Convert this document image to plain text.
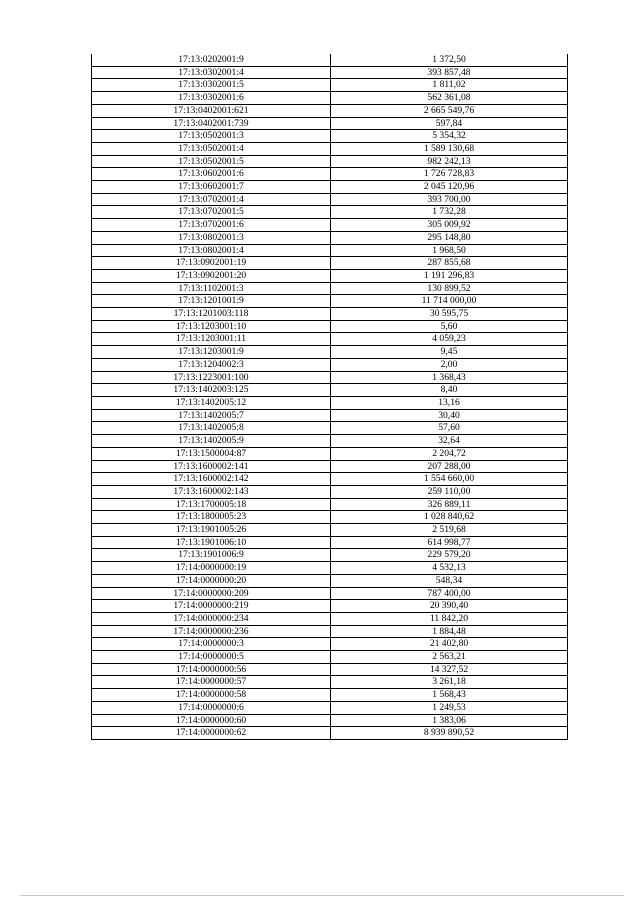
17:13:0202001:9	1 372,50
17:13:0302001:4	393 857,48
17:13:0302001:5	1 811,02
17:13:0302001:6	562 361,08
17:13:0402001:621	2 665 549,76
17:13:0402001:739	597,84
17:13:0502001:3	5 354,32
17:13:0502001:4	1 589 130,68
17:13:0502001:5	982 242,13
17:13:0602001:6	1 726 728,83
17:13:0602001:7	2 045 120,96
17:13:0702001:4	393 700,00
17:13:0702001:5	1 732,28
17:13:0702001:6	305 009,92
17:13:0802001:3	295 148,80
17:13:0802001:4	1 968,50
17:13:0902001:19	287 855,68
17:13:0902001:20	1 191 296,83
17:13:1102001:3	130 899,52
17:13:1201001:9	11 714 000,00
17:13:1201003:118	30 595,75
17:13:1203001:10	5,60
17:13:1203001:11	4 059,23
17:13:1203001:9	9,45
17:13:1204002:3	2,00
17:13:1223001:100	1 368,43
17:13:1402003:125	8,40
17:13:1402005:12	13,16
17:13:1402005:7	30,40
17:13:1402005:8	57,60
17:13:1402005:9	32,64
17:13:1500004:87	2 204,72
17:13:1600002:141	207 288,00
17:13:1600002:142	1 554 660,00
17:13:1600002:143	259 110,00
17:13:1700005:18	326 889,11
17:13:1800005:23	1 028 840,62
17:13:1901005:26	2 519,68
17:13:1901006:10	614 998,77
17:13:1901006:9	229 579,20
17:14:0000000:19	4 532,13
17:14:0000000:20	548,34
17:14:0000000:209	787 400,00
17:14:0000000:219	20 390,40
17:14:0000000:234	11 842,20
17:14:0000000:236	1 884,48
17:14:0000000:3	21 402,80
17:14:0000000:5	2 563,21
17:14:0000000:56	14 327,52
17:14:0000000:57	3 261,18
17:14:0000000:58	1 568,43
17:14:0000000:6	1 249,53
17:14:0000000:60	1 383,06
17:14:0000000:62	8 939 890,52
